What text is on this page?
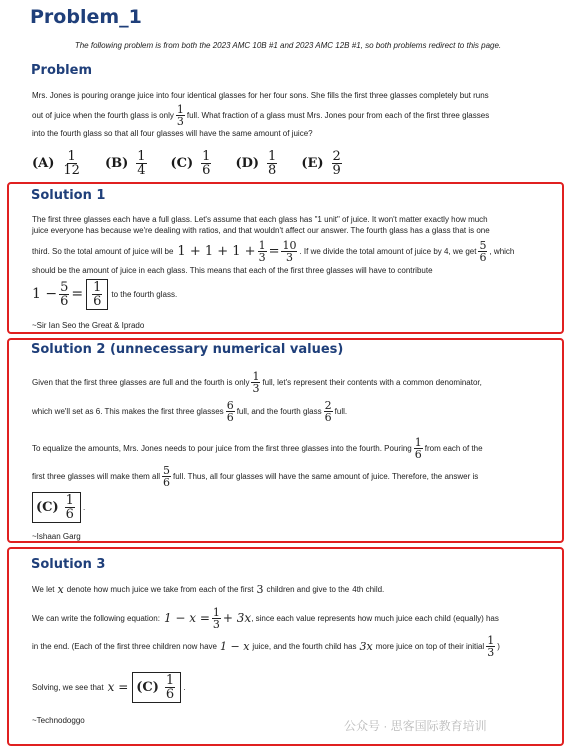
Problem_1
The following problem is from both the 2023 AMC 10B #1 and 2023 AMC 12B #1, so both problems redirect to this page.
Problem
Mrs. Jones is pouring orange juice into four identical glasses for her four sons. She fills the first three glasses completely but runs
out of juice when the fourth glass is only $\frac{1}{3}$ full. What fraction of a glass must Mrs. Jones pour from each of the first three glasses
into the fourth glass so that all four glasses will have the same amount of juice?
$(A) \frac{1}{12} (B) \frac{1}{4} (C) \frac{1}{6} (D) \frac{1}{8} (E) \frac{2}{9}$
Solution 1
The first three glasses each have a full glass. Let's assume that each glass has "1 unit" of juice. It won't matter exactly how much
juice everyone has because we're dealing with ratios, and that wouldn't affect our answer. The fourth glass has a glass that is one
third. So the total amount of juice will be $1 + 1 + 1 + \frac{1}{3} = \frac{10}{3}$ . If we divide the total amount of juice by 4, we get $\frac{5}{6}$ , which
should be the amount of juice in each glass. This means that each of the first three glasses will have to contribute
$1 - \frac{5}{6} = \frac{1}{6}$ to the fourth glass.
~Sir Ian Seo the Great & Iprado
Solution 2 (unnecessary numerical values)
Given that the first three glasses are full and the fourth is only $\frac{1}{3}$ full, let's represent their contents with a common denominator,
which we'll set as 6. This makes the first three glasses $\frac{6}{6}$ full, and the fourth glass $\frac{2}{6}$ full.
To equalize the amounts, Mrs. Jones needs to pour juice from the first three glasses into the fourth. Pouring $\frac{1}{6}$ from each of the
first three glasses will make them all $\frac{5}{6}$ full. Thus, all four glasses will have the same amount of juice. Therefore, the answer is
$(C) \frac{1}{6}$ .
~Ishaan Garg
Solution 3
We let x denote how much juice we take from each of the first 3 children and give to the 4th child.
We can write the following equation: $1 - x = \frac{1}{3} + 3x$ , since each value represents how much juice each child (equally) has
in the end. (Each of the first three children now have 1 − x juice, and the fourth child has 3x more juice on top of their initial $\frac{1}{3}$ )
Solving, we see that $x = (C) \frac{1}{6}$ .
~Technodoggo	公众号 · 思客国际教育培训
